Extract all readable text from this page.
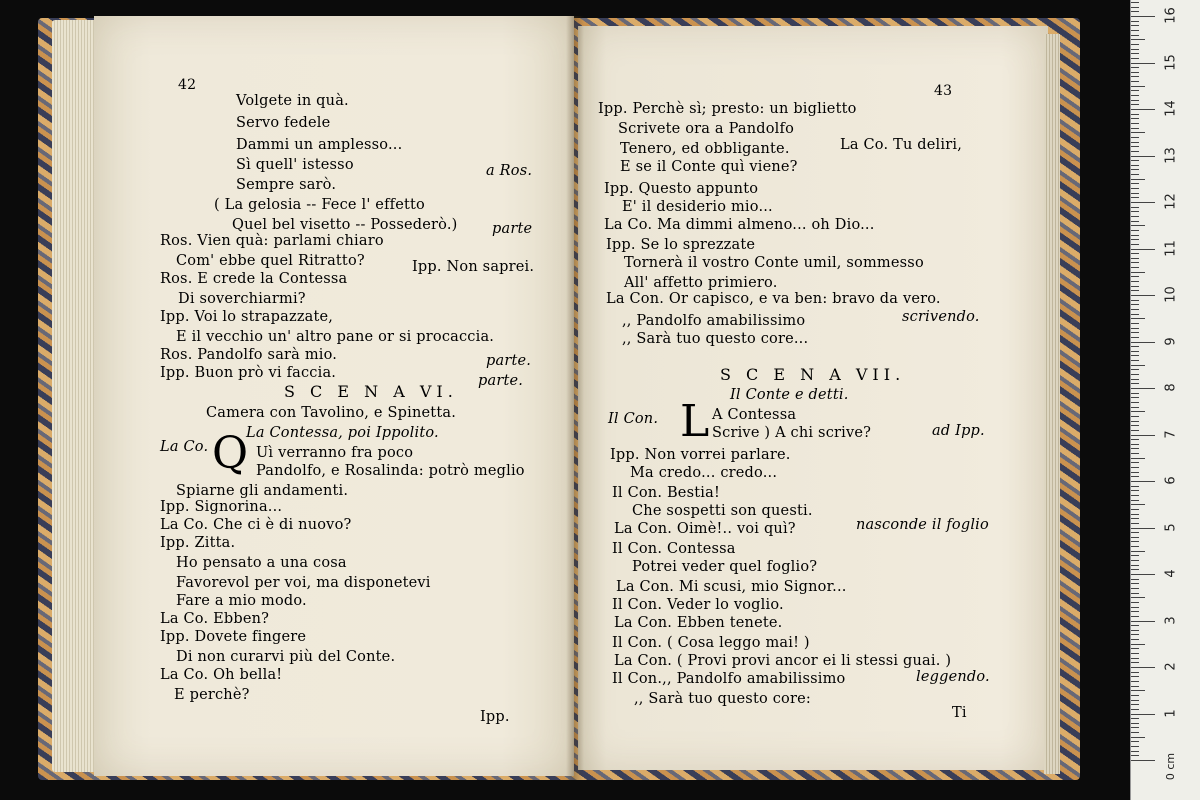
42
S C E N A VI.
Q
Volgete in quà.
Servo fedele
Dammi un amplesso...
Sì quell' istesso	a Ros.
Sempre sarò.
( La gelosia -- Fece l' effetto
Quel bel visetto -- Possederò.) parte
Ros. Vien quà: parlami chiaro
Com' ebbe quel Ritratto?	Ipp. Non saprei.
Ros. E crede la Contessa
Di soverchiarmi?
Ipp. Voi lo strapazzate,
E il vecchio un' altro pane or si procaccia.
Ros. Pandolfo sarà mio.	parte.
Ipp. Buon prò vi faccia.	parte.
Camera con Tavolino, e Spinetta.
La Contessa, poi Ippolito.
La Co.	Uì verranno fra poco
Pandolfo, e Rosalinda: potrò meglio
Spiarne gli andamenti.
Ipp. Signorina...
La Co. Che ci è di nuovo?
Ipp. Zitta.
Ho pensato a una cosa
Favorevol per voi, ma disponetevi
Fare a mio modo.
La Co. Ebben?
Ipp. Dovete fingere
Di non curarvi più del Conte.
La Co. Oh bella!
E perchè?
Ipp.
43
S C E N A VII.
L
Ipp. Perchè sì; presto: un biglietto
Scrivete ora a Pandolfo
Tenero, ed obbligante.	La Co. Tu deliri,
E se il Conte quì viene?
Ipp. Questo appunto
E' il desiderio mio...
La Co. Ma dimmi almeno... oh Dio...
Ipp. Se lo sprezzate
Tornerà il vostro Conte umil, sommesso
All' affetto primiero.
La Con. Or capisco, e va ben: bravo da vero.
,, Pandolfo amabilissimo	scrivendo.
,, Sarà tuo questo core...
Il Conte e detti.
Il Con.	A Contessa
Scrive ) A chi scrive?	ad Ipp.
Ipp. Non vorrei parlare.
Ma credo... credo...
Il Con. Bestia!
Che sospetti son questi.
La Con. Oimè!.. voi quì?	nasconde il foglio
Il Con. Contessa
Potrei veder quel foglio?
La Con. Mi scusi, mio Signor...
Il Con. Veder lo voglio.
La Con. Ebben tenete.
Il Con. ( Cosa leggo mai! )
La Con. ( Provi provi ancor ei li stessi guai. )
Il Con.,, Pandolfo amabilissimo	leggendo.
,, Sarà tuo questo core:
Ti
0 cm
1
2
3
4
5
6
7
8
9
10
11
12
13
14
15
16
